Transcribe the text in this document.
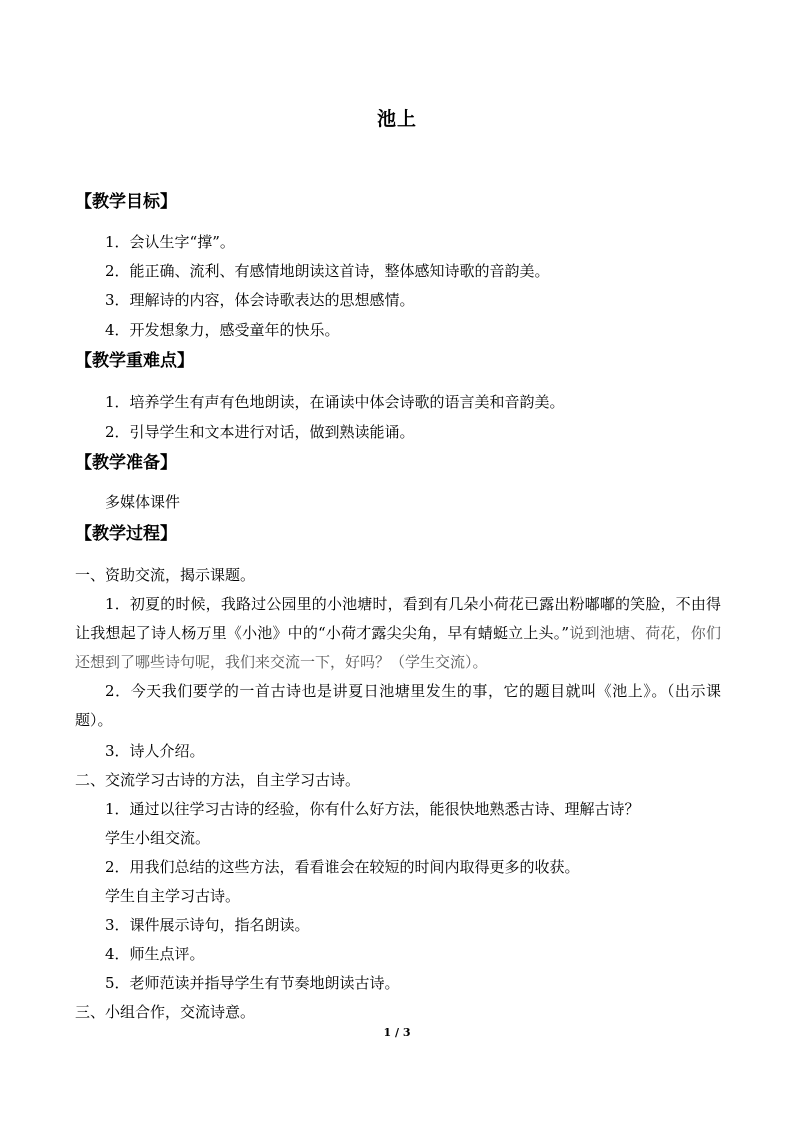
池上
【教学目标】
1．会认生字“撑”。
2．能正确、流利、有感情地朗读这首诗，整体感知诗歌的音韵美。
3．理解诗的内容，体会诗歌表达的思想感情。
4．开发想象力，感受童年的快乐。
【教学重难点】
1．培养学生有声有色地朗读，在诵读中体会诗歌的语言美和音韵美。
2．引导学生和文本进行对话，做到熟读能诵。
【教学准备】
多媒体课件
【教学过程】
一、资助交流，揭示课题。
1．初夏的时候，我路过公园里的小池塘时，看到有几朵小荷花已露出粉嘟嘟的笑脸，不由得让我想起了诗人杨万里《小池》中的“小荷才露尖尖角，早有蜻蜓立上头。”说到池塘、荷花，你们还想到了哪些诗句呢，我们来交流一下，好吗？（学生交流）。
2．今天我们要学的一首古诗也是讲夏日池塘里发生的事，它的题目就叫《池上》。（出示课题）。
3．诗人介绍。
二、交流学习古诗的方法，自主学习古诗。
1．通过以往学习古诗的经验，你有什么好方法，能很快地熟悉古诗、理解古诗？
学生小组交流。
2．用我们总结的这些方法，看看谁会在较短的时间内取得更多的收获。
学生自主学习古诗。
3．课件展示诗句，指名朗读。
4．师生点评。
5．老师范读并指导学生有节奏地朗读古诗。
三、小组合作，交流诗意。
1 / 3
